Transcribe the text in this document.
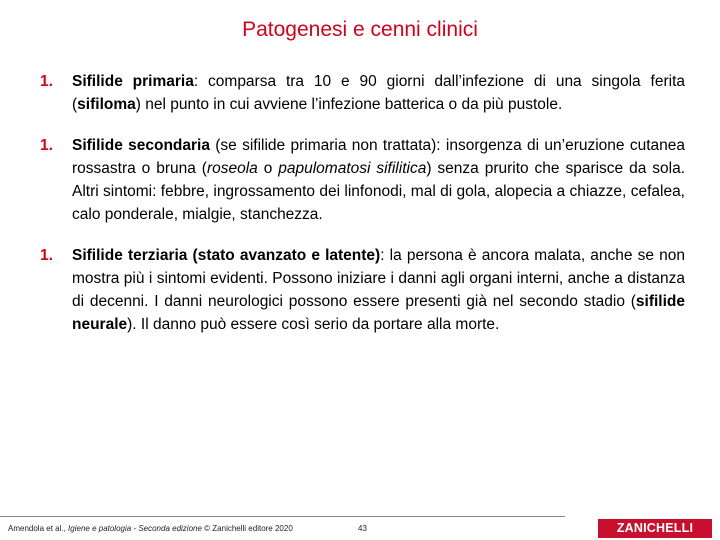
Patogenesi e cenni clinici
1. Sifilide primaria: comparsa tra 10 e 90 giorni dall’infezione di una singola ferita (sifiloma) nel punto in cui avviene l’infezione batterica o da più pustole.
1. Sifilide secondaria (se sifilide primaria non trattata): insorgenza di un’eruzione cutanea rossastra o bruna (roseola o papulomatosi sifilitica) senza prurito che sparisce da sola. Altri sintomi: febbre, ingrossamento dei linfonodi, mal di gola, alopecia a chiazze, cefalea, calo ponderale, mialgie, stanchezza.
1. Sifilide terziaria (stato avanzato e latente): la persona è ancora malata, anche se non mostra più i sintomi evidenti. Possono iniziare i danni agli organi interni, anche a distanza di decenni. I danni neurologici possono essere presenti già nel secondo stadio (sifilide neurale). Il danno può essere così serio da portare alla morte.
Amendola et al., Igiene e patologia - Seconda edizione © Zanichelli editore 2020	43	ZANICHELLI
